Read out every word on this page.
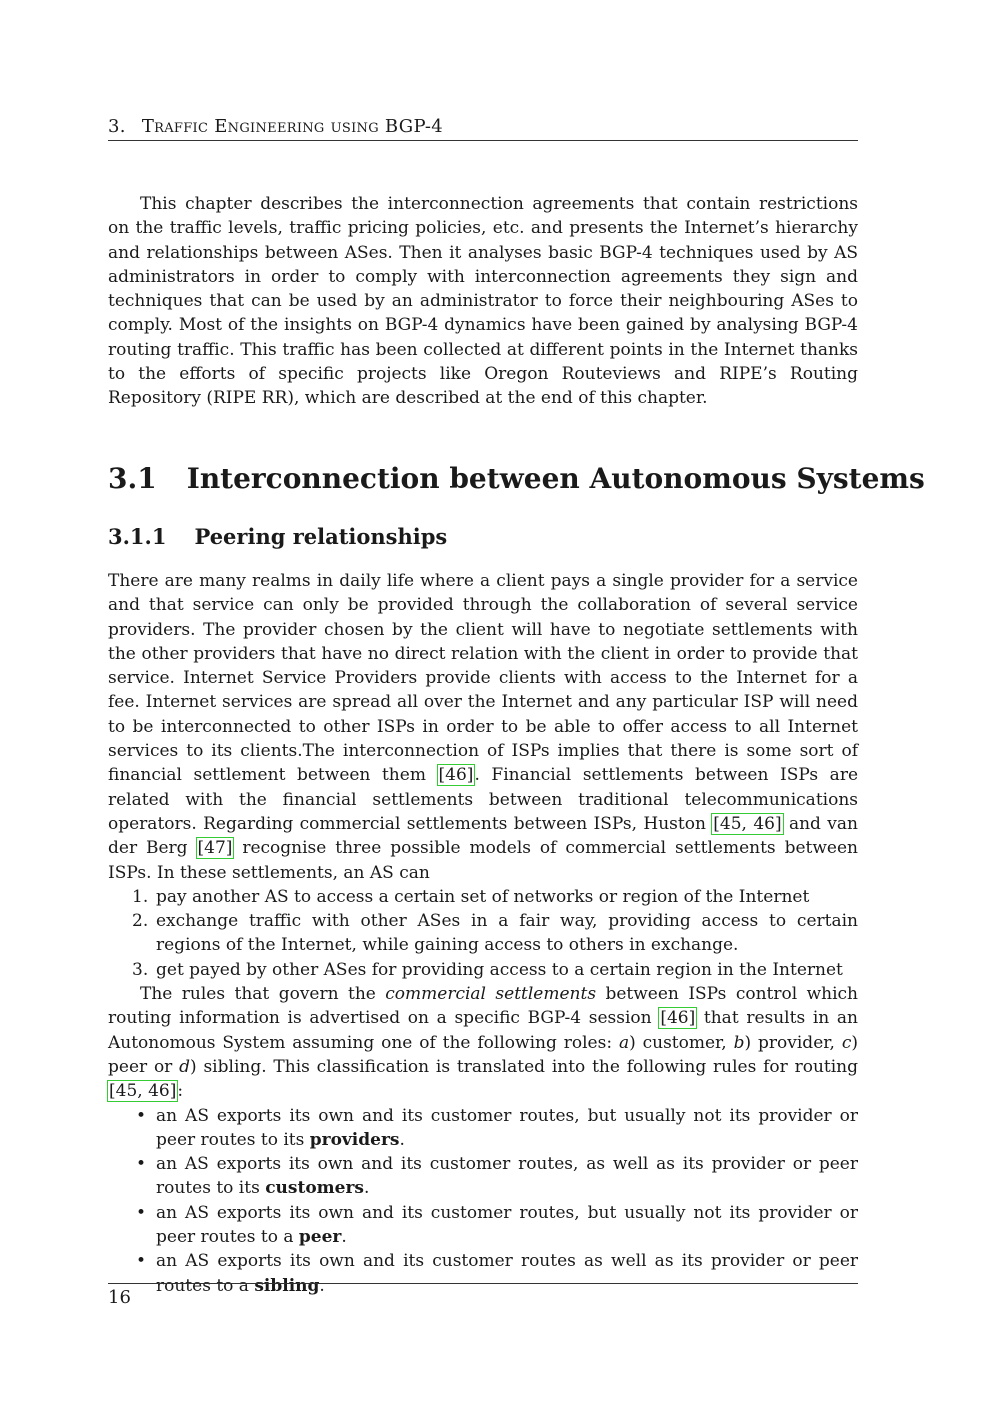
3. Traffic Engineering using BGP-4

This chapter describes the interconnection agreements that contain restrictions on the traffic levels, traffic pricing policies, etc. and presents the Internet’s hierarchy and relationships between ASes. Then it analyses basic BGP-4 techniques used by AS administrators in order to comply with interconnection agreements they sign and techniques that can be used by an administrator to force their neighbouring ASes to comply. Most of the insights on BGP-4 dynamics have been gained by analysing BGP-4 routing traffic. This traffic has been collected at different points in the Internet thanks to the efforts of specific projects like Oregon Routeviews and RIPE’s Routing Repository (RIPE RR), which are described at the end of this chapter.

3.1 Interconnection between Autonomous Systems
3.1.1 Peering relationships

There are many realms in daily life where a client pays a single provider for a service and that service can only be provided through the collaboration of several service providers. The provider chosen by the client will have to negotiate settlements with the other providers that have no direct relation with the client in order to provide that service. Internet Service Providers provide clients with access to the Internet for a fee. Internet services are spread all over the Internet and any particular ISP will need to be interconnected to other ISPs in order to be able to offer access to all Internet services to its clients.The interconnection of ISPs implies that there is some sort of financial settlement between them [46]. Financial settlements between ISPs are related with the financial settlements between traditional telecommunications operators. Regarding commercial settlements between ISPs, Huston [45, 46] and van der Berg [47] recognise three possible models of commercial settlements between ISPs. In these settlements, an AS can

1. pay another AS to access a certain set of networks or region of the Internet
2. exchange traffic with other ASes in a fair way, providing access to certain regions of the Internet, while gaining access to others in exchange.
3. get payed by other ASes for providing access to a certain region in the Internet

The rules that govern the commercial settlements between ISPs control which routing information is advertised on a specific BGP-4 session [46] that results in an Autonomous System assuming one of the following roles: a) customer, b) provider, c) peer or d) sibling. This classification is translated into the following rules for routing [45, 46]:

• an AS exports its own and its customer routes, but usually not its provider or peer routes to its providers.
• an AS exports its own and its customer routes, as well as its provider or peer routes to its customers.
• an AS exports its own and its customer routes, but usually not its provider or peer routes to a peer.
• an AS exports its own and its customer routes as well as its provider or peer routes to a sibling.
16
